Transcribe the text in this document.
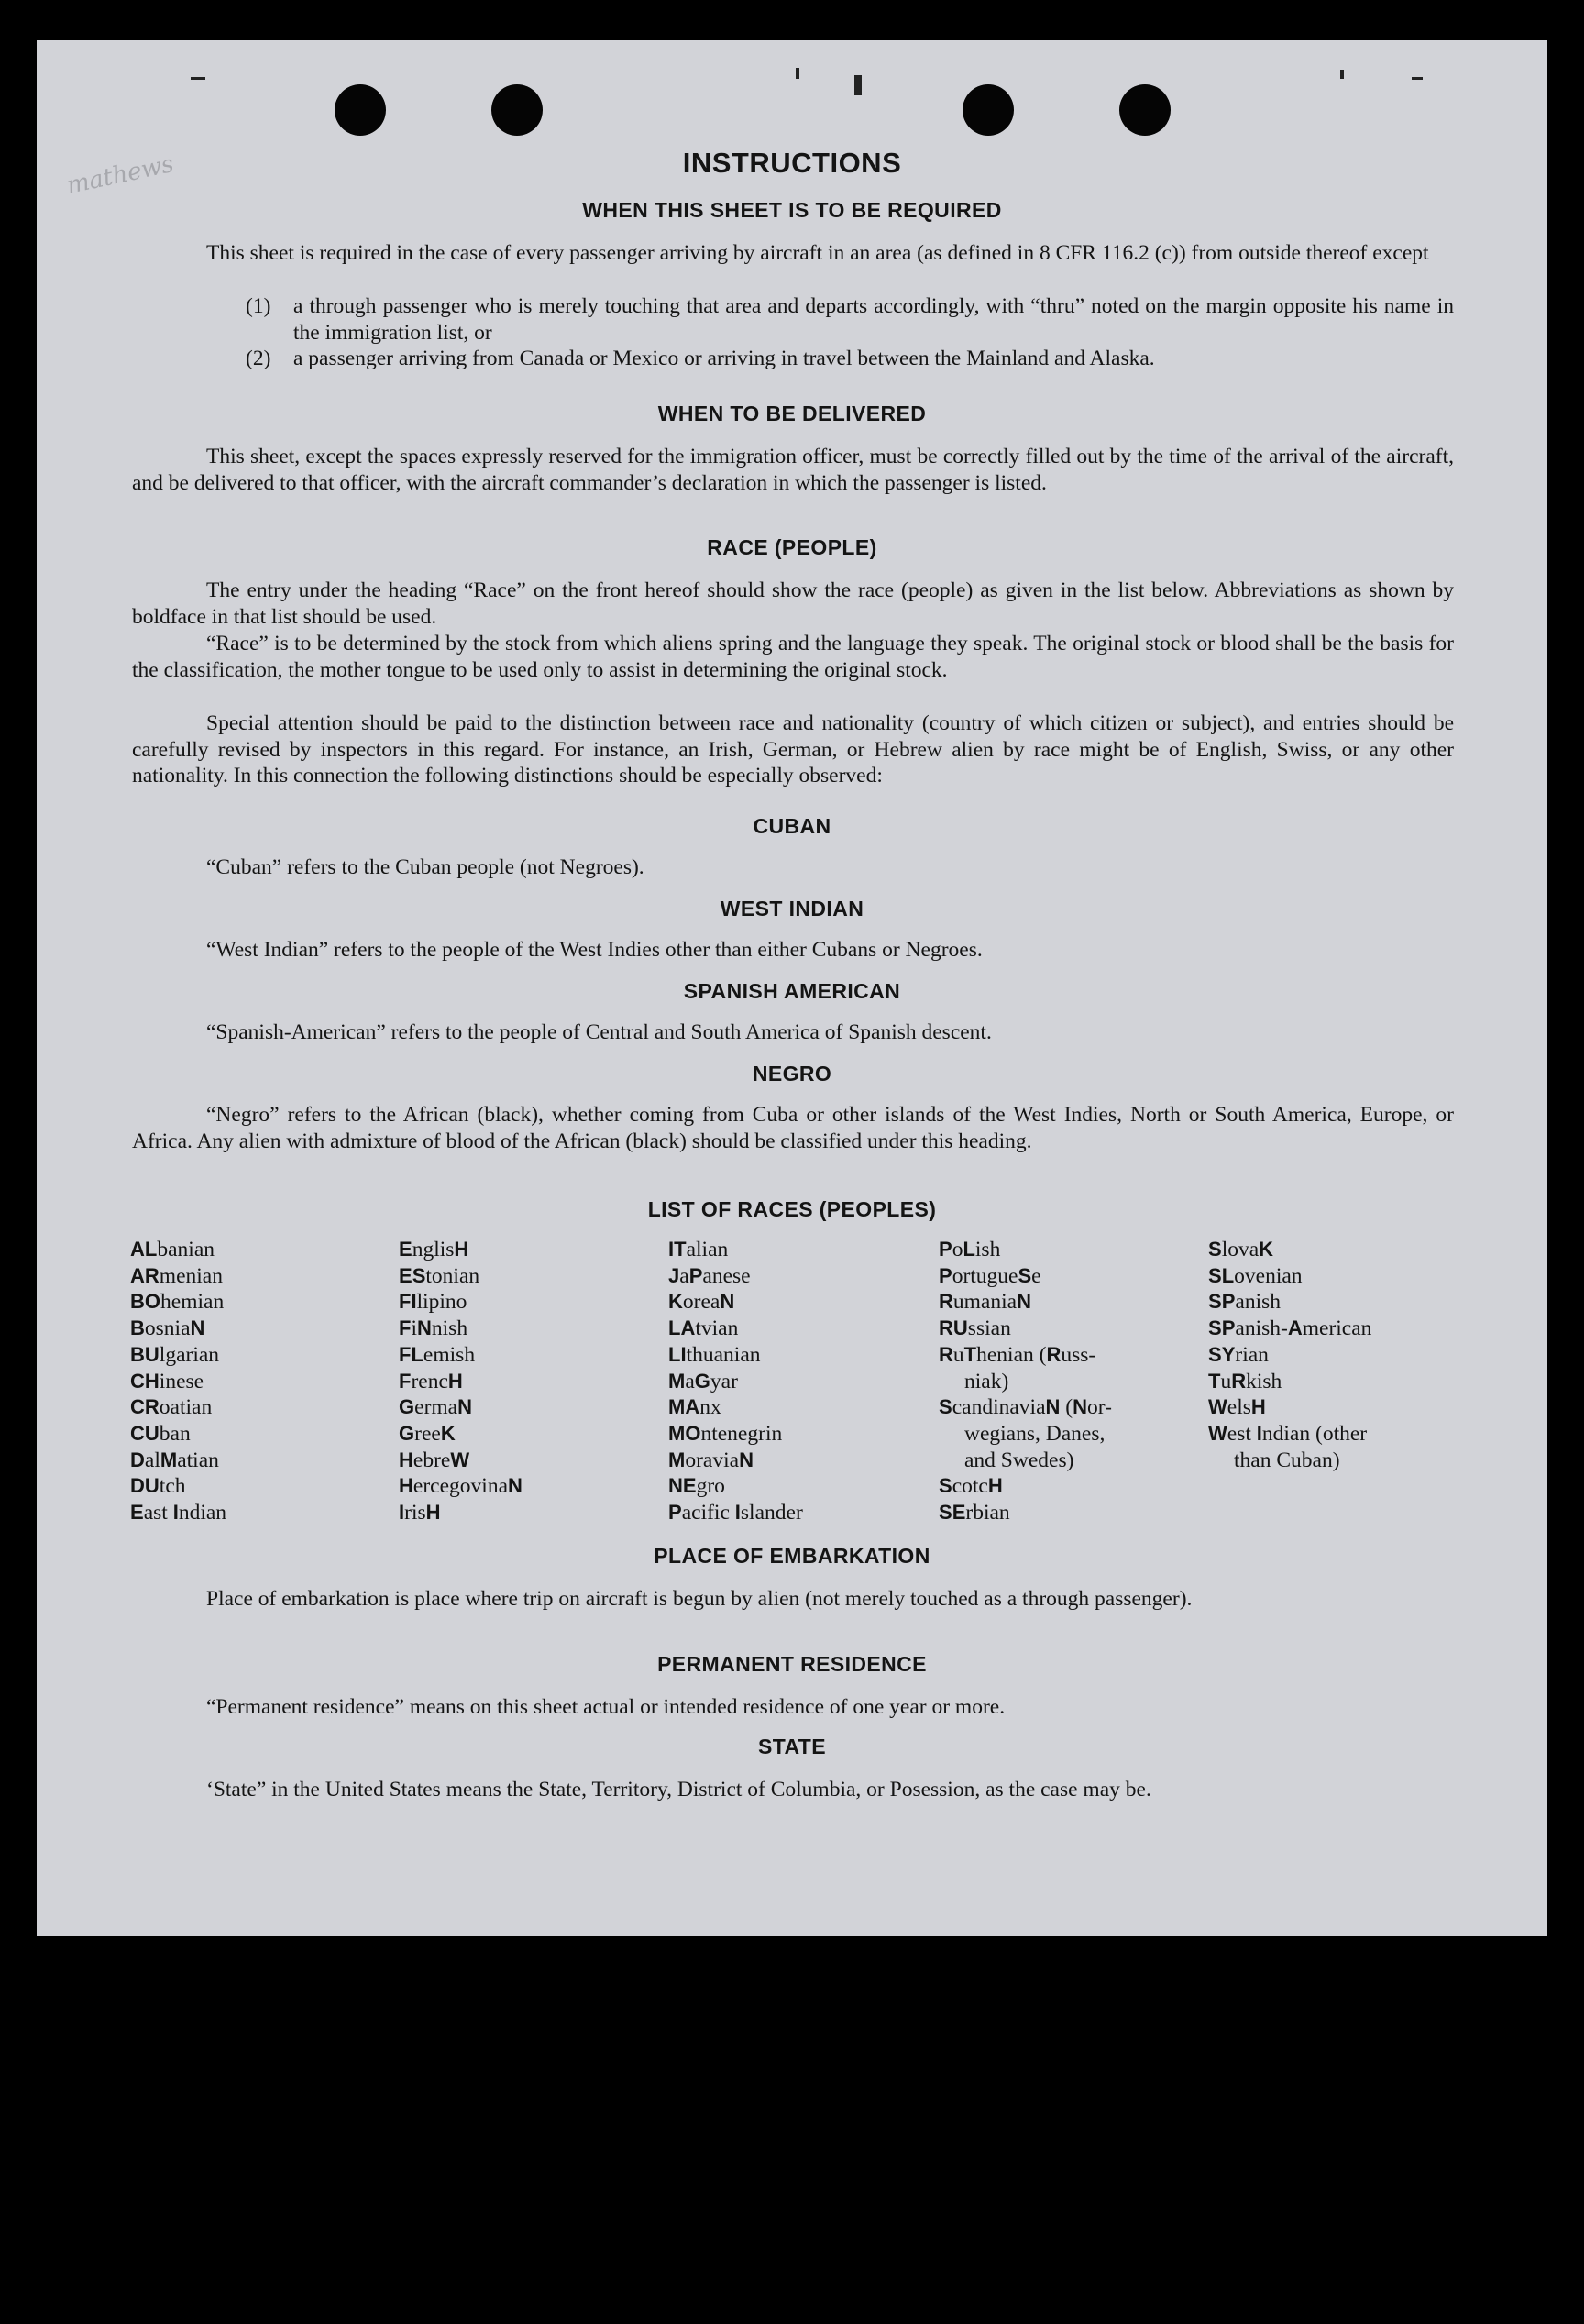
mathews	INSTRUCTIONS
WHEN THIS SHEET IS TO BE REQUIRED

This sheet is required in the case of every passenger arriving by aircraft in an area (as defined in 8 CFR 116.2 (c)) from outside thereof except

(1) a through passenger who is merely touching that area and departs accordingly, with “thru” noted on the margin opposite his name in the immigration list, or
(2) a passenger arriving from Canada or Mexico or arriving in travel between the Mainland and Alaska.
WHEN TO BE DELIVERED

This sheet, except the spaces expressly reserved for the immigration officer, must be correctly filled out by the time of the arrival of the aircraft, and be delivered to that officer, with the aircraft commander’s declaration in which the passenger is listed.

RACE (PEOPLE)

The entry under the heading “Race” on the front hereof should show the race (people) as given in the list below. Abbreviations as shown by boldface in that list should be used.

“Race” is to be determined by the stock from which aliens spring and the language they speak. The original stock or blood shall be the basis for the classification, the mother tongue to be used only to assist in determining the original stock.

Special attention should be paid to the distinction between race and nationality (country of which citizen or subject), and entries should be carefully revised by inspectors in this regard. For instance, an Irish, German, or Hebrew alien by race might be of English, Swiss, or any other nationality. In this connection the following distinctions should be especially observed:

CUBAN

“Cuban” refers to the Cuban people (not Negroes).

WEST INDIAN

“West Indian” refers to the people of the West Indies other than either Cubans or Negroes.

SPANISH AMERICAN

“Spanish-American” refers to the people of Central and South America of Spanish descent.

NEGRO

“Negro” refers to the African (black), whether coming from Cuba or other islands of the West Indies, North or South America, Europe, or Africa. Any alien with admixture of blood of the African (black) should be classified under this heading.

LIST OF RACES (PEOPLES)
ALbanian
ARmenian
BOhemian
BosniaN
BUlgarian
CHinese
CRoatian
CUban
DalMatian
DUtch
East Indian
EnglisH
EStonian
FIlipino
FiNnish
FLemish
FrencH
GermaN
GreeK
HebreW
HercegovinaN
IrisH
ITalian
JaPanese
KoreaN
LAtvian
LIthuanian
MaGyar
MAnx
MOntenegrin
MoraviaN
NEgro
Pacific Islander
PoLish
PortugueSe
RumaniaN
RUssian
RuThenian (Russ-
niak)
ScandinaviaN (Nor-
wegians, Danes,
and Swedes)
ScotcH
SErbian
SlovaK
SLovenian
SPanish
SPanish-American
SYrian
TuRkish
WelsH
West Indian (other
than Cuban)
PLACE OF EMBARKATION

Place of embarkation is place where trip on aircraft is begun by alien (not merely touched as a through passenger).

PERMANENT RESIDENCE

“Permanent residence” means on this sheet actual or intended residence of one year or more.

STATE

‘State” in the United States means the State, Territory, District of Columbia, or Posession, as the case may be.
